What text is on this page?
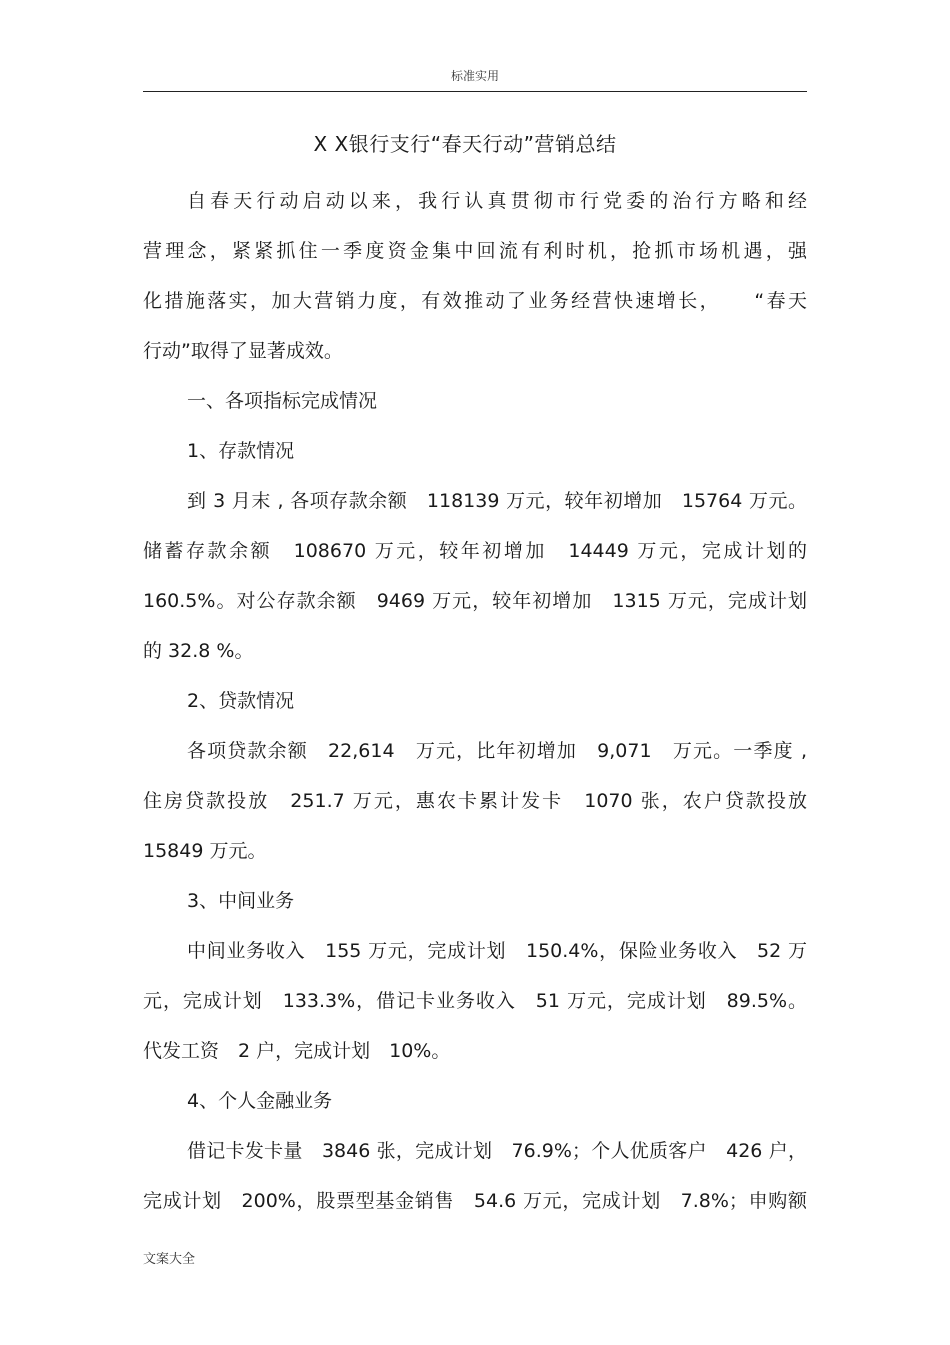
标准实用
X X银行支行“春天行动”营销总结
自春天行动启动以来，我行认真贯彻市行党委的治行方略和经
营理念，紧紧抓住一季度资金集中回流有利时机，抢抓市场机遇，强
化措施落实，加大营销力度，有效推动了业务经营快速增长，　　“春天
行动”取得了显著成效。
一、各项指标完成情况
1、存款情况
到 3 月末 , 各项存款余额　118139 万元，较年初增加　15764 万元。
储蓄存款余额　108670 万元，较年初增加　14449 万元，完成计划的
160.5%。对公存款余额　9469 万元，较年初增加　1315 万元，完成计划
的 32.8 %。
2、贷款情况
各项贷款余额　22,614　万元，比年初增加　9,071　万元。一季度 ,
住房贷款投放　251.7 万元，惠农卡累计发卡　1070 张，农户贷款投放
15849 万元。
3、中间业务
中间业务收入　155 万元，完成计划　150.4%，保险业务收入　52 万
元，完成计划　133.3%，借记卡业务收入　51 万元，完成计划　89.5%。
代发工资　2 户，完成计划　10%。
4、个人金融业务
借记卡发卡量　3846 张，完成计划　76.9%；个人优质客户　426 户，
完成计划　200%，股票型基金销售　54.6 万元，完成计划　7.8%；申购额
文案大全
